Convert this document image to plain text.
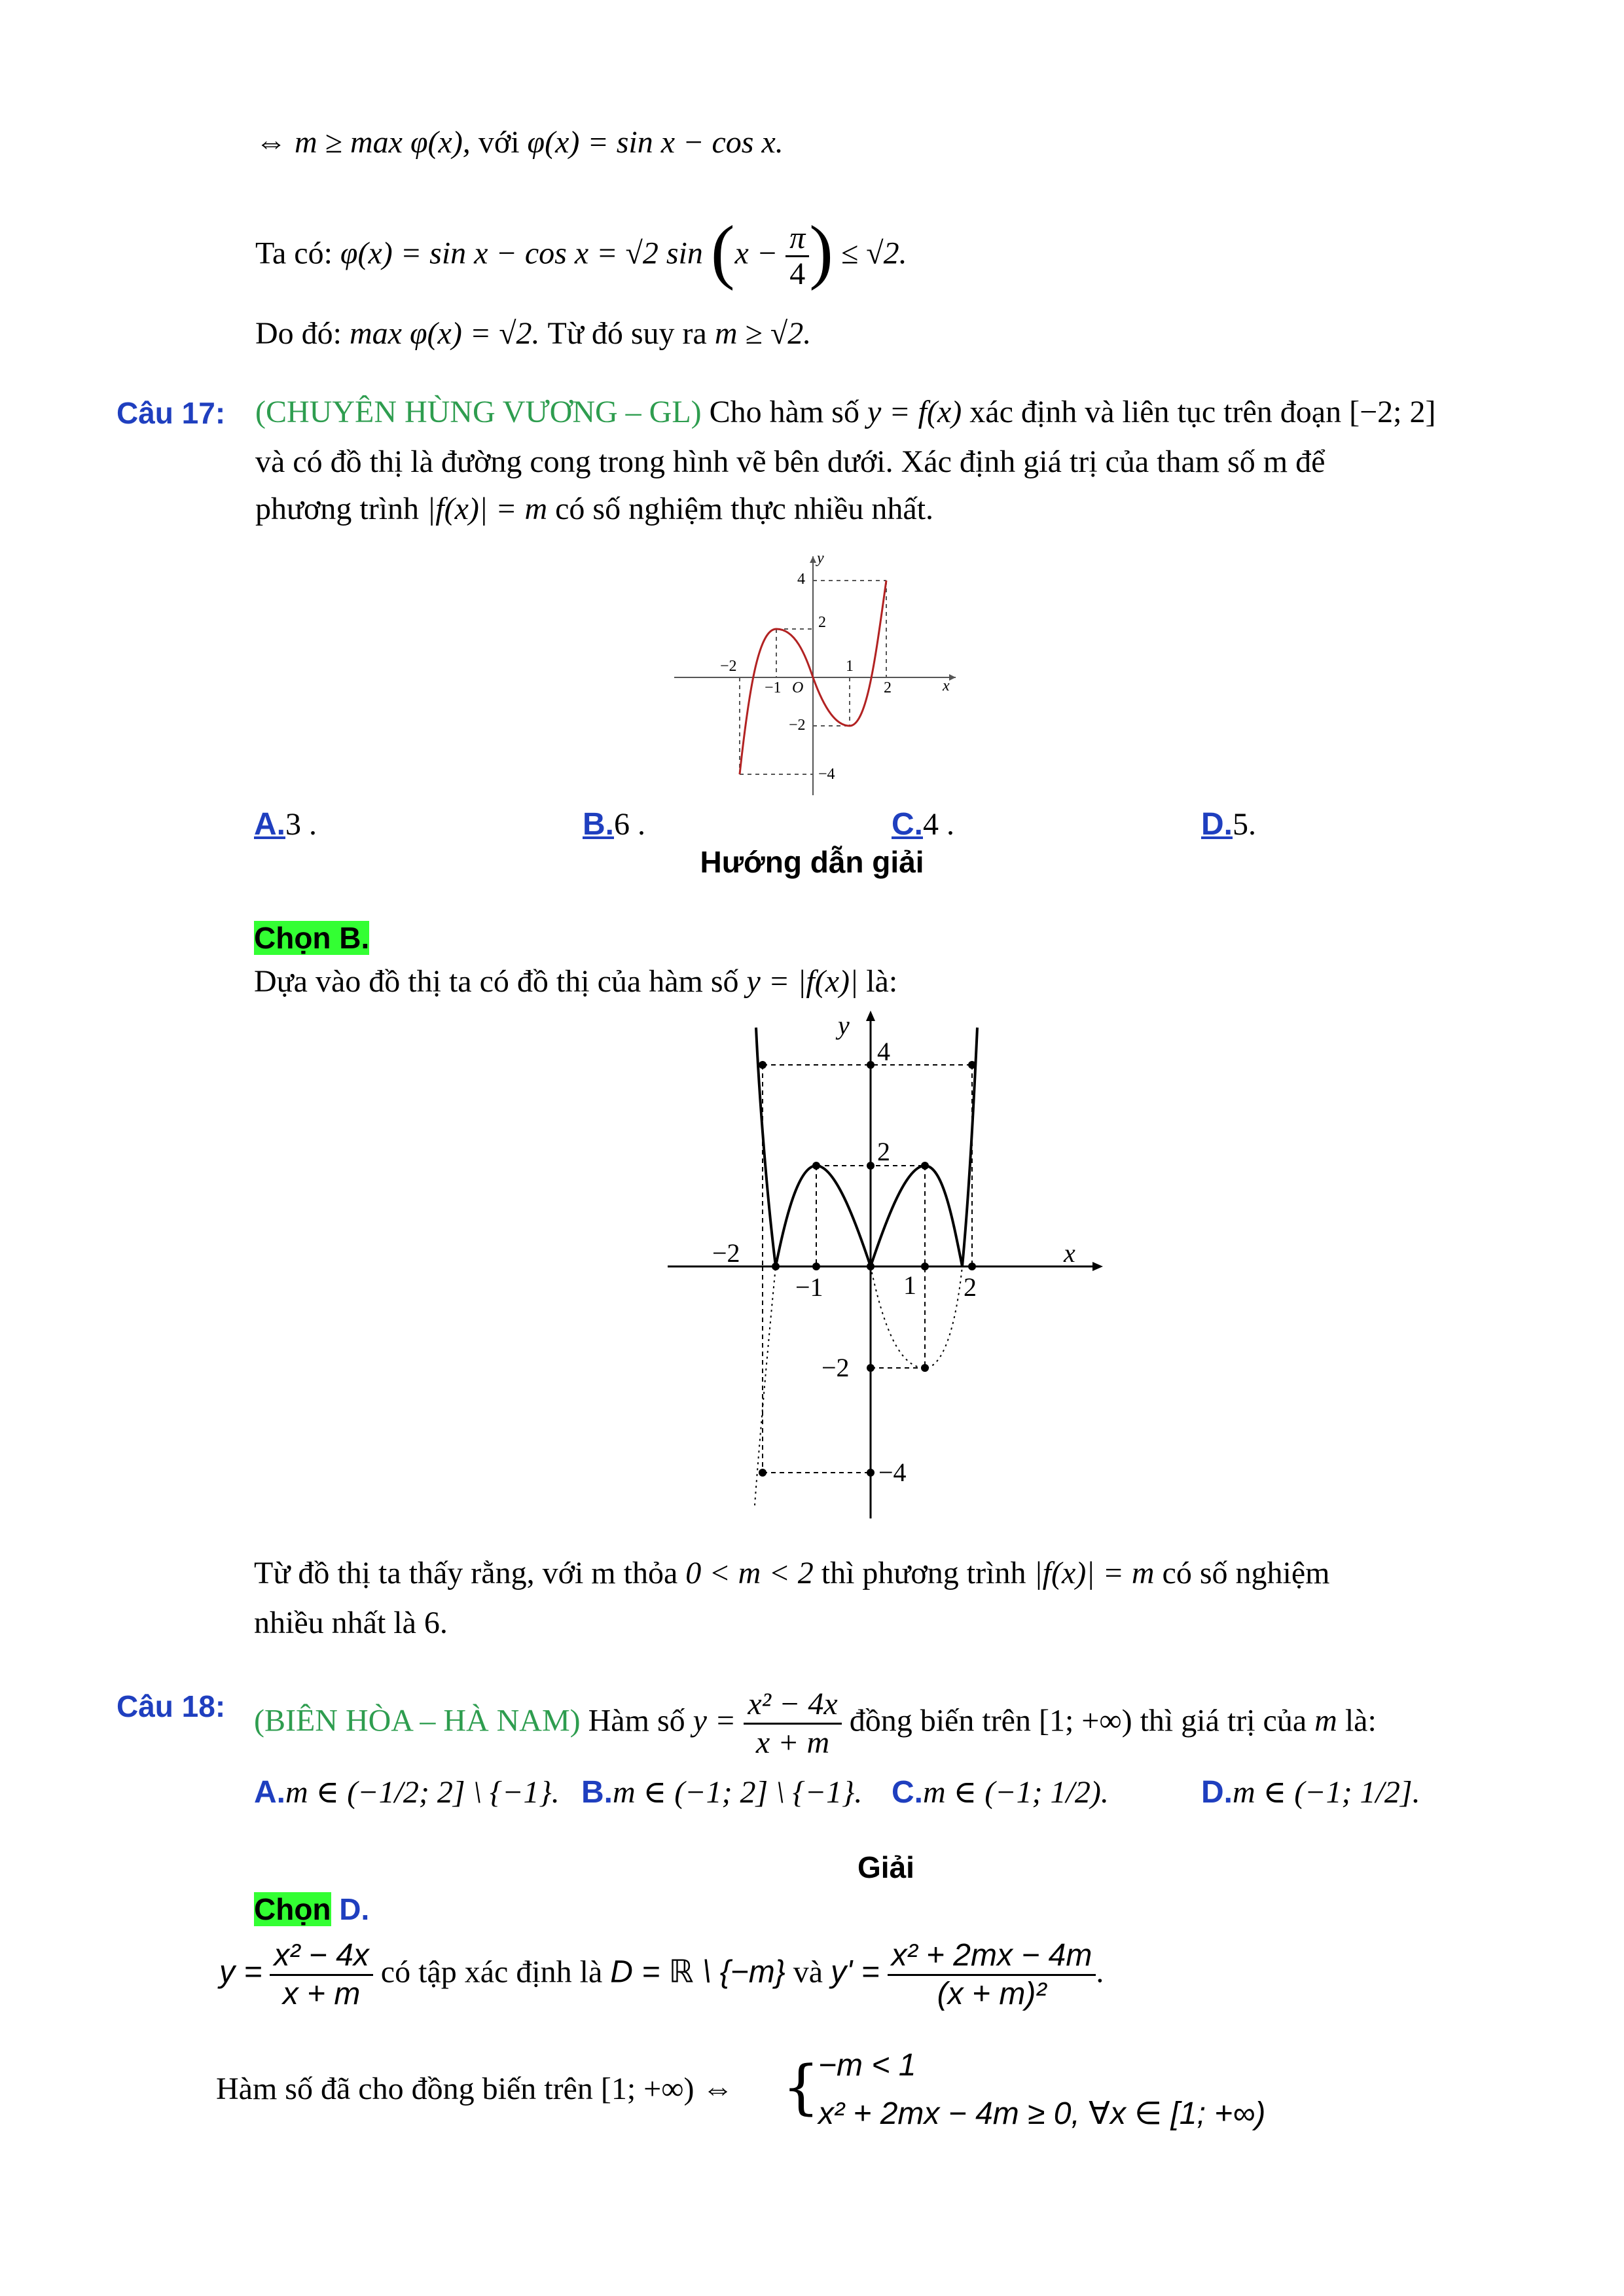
⇔ m ≥ max φ(x), với φ(x) = sin x − cos x.
Ta có: φ(x) = sin x − cos x = √2 $\sin (x - \frac{\pi}{4}$ ) ≤ √2.
Do đó: max φ(x) = √2. Từ đó suy ra m ≥ √2.
Câu 17: (CHUYÊN HÙNG VƯƠNG – GL) Cho hàm số y = f(x) xác định và liên tục trên đoạn [−2; 2]
và có đồ thị là đường cong trong hình vẽ bên dưới. Xác định giá trị của tham số m để
phương trình |f(x)| = m có số nghiệm thực nhiều nhất.
y
x
4
2
−2
−1 O
1
2
−2
−4
A.3 .	B.6 .	C.4 .	D.5.
Hướng dẫn giải
Chọn B.
Dựa vào đồ thị ta có đồ thị của hàm số y = |f(x)| là:
y
x
4
2
−2
−1	1 2
−2
−4
Từ đồ thị ta thấy rằng, với m thỏa 0 < m < 2 thì phương trình |f(x)| = m có số nghiệm
nhiều nhất là 6.
Câu 18: (BIÊN HÒA – HÀ NAM) Hàm số $y = \frac{\text{x² − 4x}}{x + m}$ đồng biến trên [1; +∞) thì giá trị của m là:
A.m ∈ (−1/2; 2] \ {−1}. B.m ∈ (−1; 2] \ {−1}. C.m ∈ (−1; 1/2).	D.m ∈ (−1; 1/2].
Giải
Chọn D.
$y = \frac{\text{x² − 4x}}{x + m}$ có tập xác định là D = ℝ \ {−m} và $y' = \frac{\text{x² + 2mx − 4m}}{\text{(x + m)²}}$ .
Hàm số đã cho đồng biến trên [1; +∞) ⇔ {
−m < 1
x² + 2mx − 4m ≥ 0, ∀x ∈ [1; +∞)
